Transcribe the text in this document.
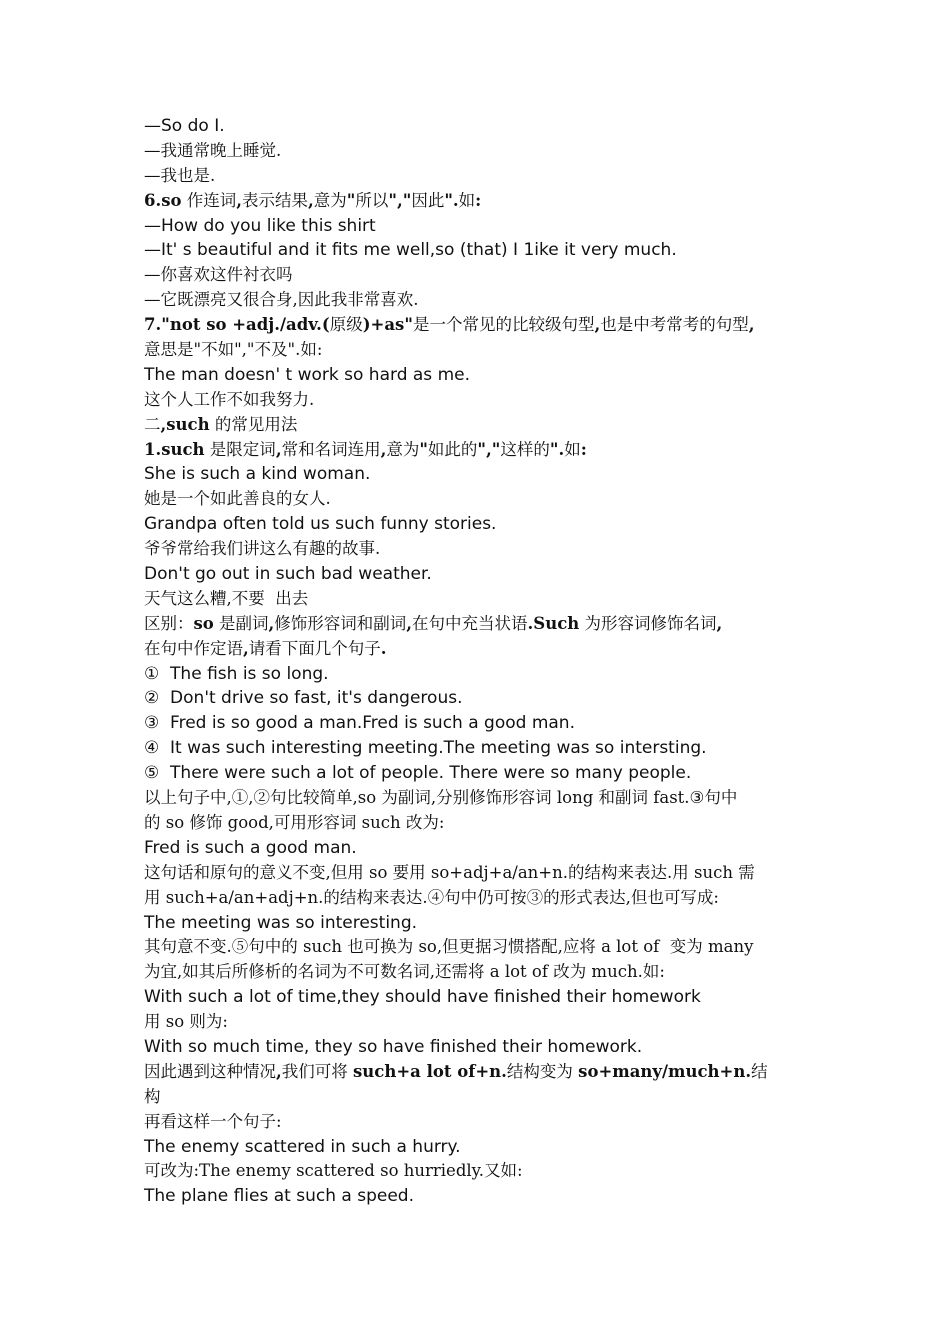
—So do I.
—我通常晚上睡觉.
—我也是.
6.so 作连词,表示结果,意为"所以","因此".如:
—How do you like this shirt
—It' s beautiful and it fits me well,so (that) I 1ike it very much.
—你喜欢这件衬衣吗
—它既漂亮又很合身,因此我非常喜欢.
7."not so +adj./adv.(原级)+as"是一个常见的比较级句型,也是中考常考的句型,
意思是"不如","不及".如:
The man doesn' t work so hard as me.
这个人工作不如我努力.
二,such 的常见用法
1.such 是限定词,常和名词连用,意为"如此的","这样的".如:
She is such a kind woman.
她是一个如此善良的女人.
Grandpa often told us such funny stories.
爷爷常给我们讲这么有趣的故事.
Don't go out in such bad weather.
天气这么糟,不要  出去
区别：so 是副词,修饰形容词和副词,在句中充当状语.Such 为形容词修饰名词,
在句中作定语,请看下面几个句子.
①  The fish is so long.
②  Don't drive so fast, it's dangerous.
③  Fred is so good a man.Fred is such a good man.
④  It was such interesting meeting.The meeting was so intersting.
⑤  There were such a lot of people. There were so many people.
以上句子中,①,②句比较简单,so 为副词,分别修饰形容词 long 和副词 fast.③句中
的 so 修饰 good,可用形容词 such 改为:
Fred is such a good man.
这句话和原句的意义不变,但用 so 要用 so+adj+a/an+n.的结构来表达.用 such 需
用 such+a/an+adj+n.的结构来表达.④句中仍可按③的形式表达,但也可写成:
The meeting was so interesting.
其句意不变.⑤句中的 such 也可换为 so,但更据习惯搭配,应将 a lot of  变为 many
为宜,如其后所修析的名词为不可数名词,还需将 a lot of 改为 much.如:
With such a lot of time,they should have finished their homework
用 so 则为:
With so much time, they so have finished their homework.
因此遇到这种情况,我们可将 such+a lot of+n.结构变为 so+many/much+n.结
构
再看这样一个句子:
The enemy scattered in such a hurry.
可改为:The enemy scattered so hurriedly.又如:
The plane flies at such a speed.
